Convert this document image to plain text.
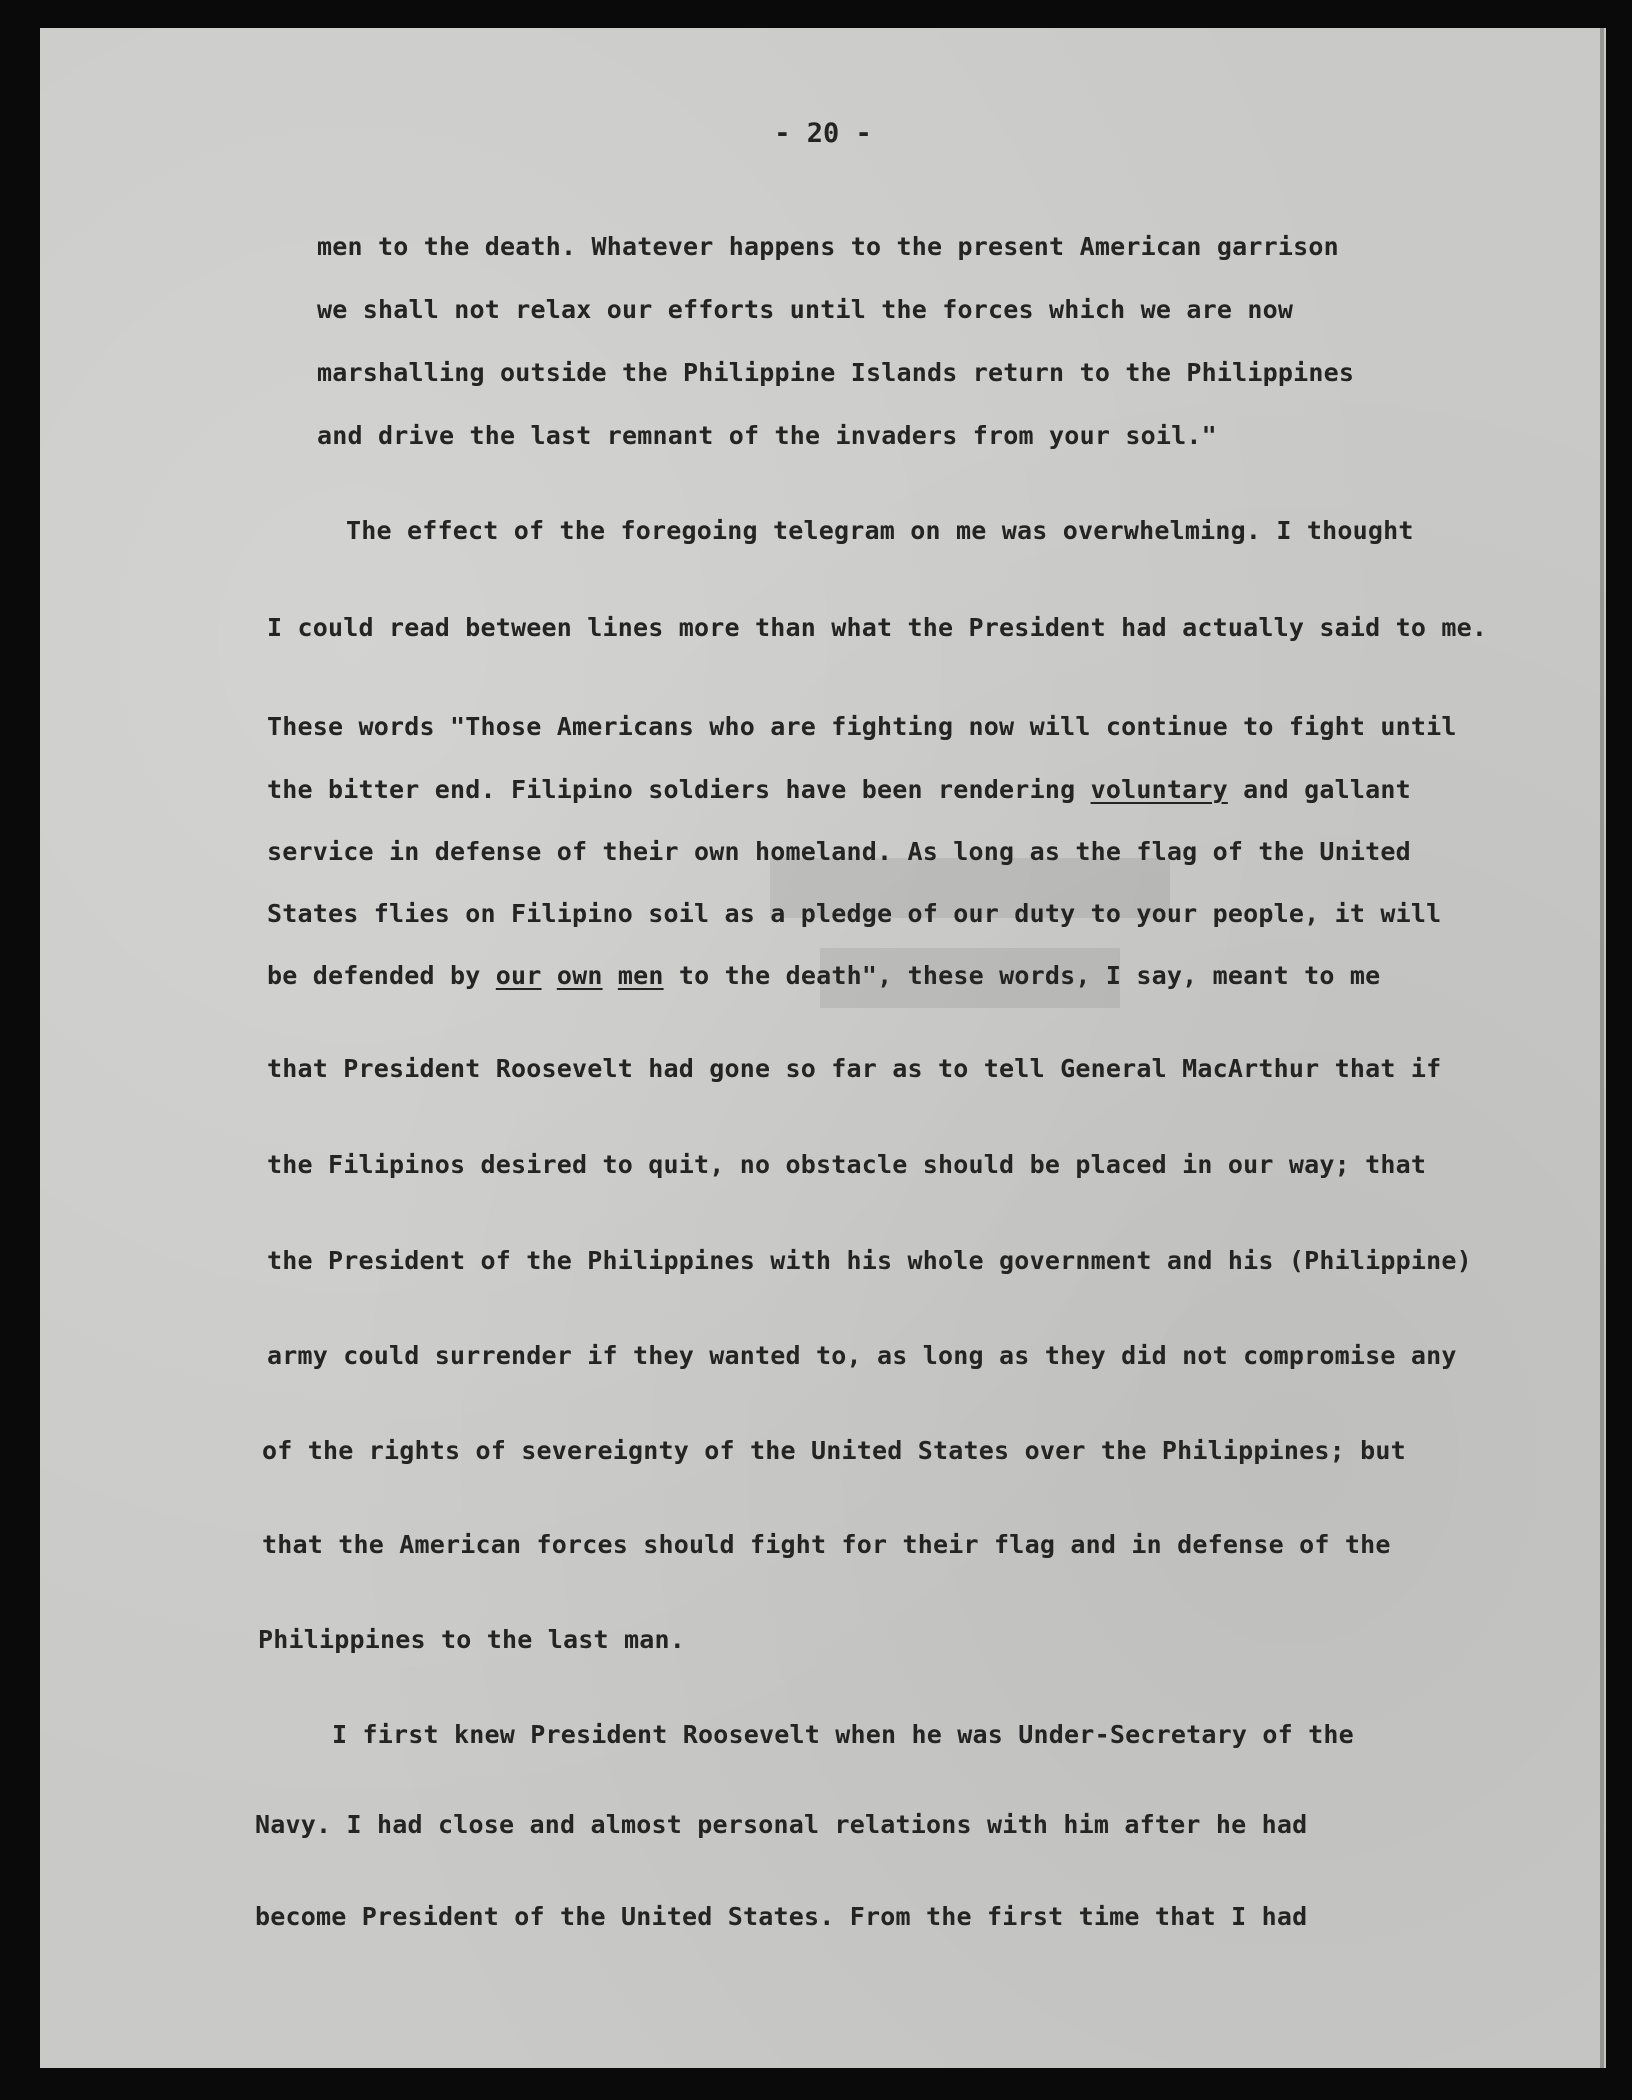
- 20 -
men to the death. Whatever happens to the present American garrison
we shall not relax our efforts until the forces which we are now
marshalling outside the Philippine Islands return to the Philippines
and drive the last remnant of the invaders from your soil."
The effect of the foregoing telegram on me was overwhelming. I thought
I could read between lines more than what the President had actually said to me.
These words "Those Americans who are fighting now will continue to fight until
the bitter end. Filipino soldiers have been rendering voluntary and gallant
service in defense of their own homeland. As long as the flag of the United
States flies on Filipino soil as a pledge of our duty to your people, it will
be defended by our own men to the death", these words, I say, meant to me
that President Roosevelt had gone so far as to tell General MacArthur that if
the Filipinos desired to quit, no obstacle should be placed in our way; that
the President of the Philippines with his whole government and his (Philippine)
army could surrender if they wanted to, as long as they did not compromise any
of the rights of severeignty of the United States over the Philippines; but
that the American forces should fight for their flag and in defense of the
Philippines to the last man.
I first knew President Roosevelt when he was Under-Secretary of the
Navy. I had close and almost personal relations with him after he had
become President of the United States. From the first time that I had
